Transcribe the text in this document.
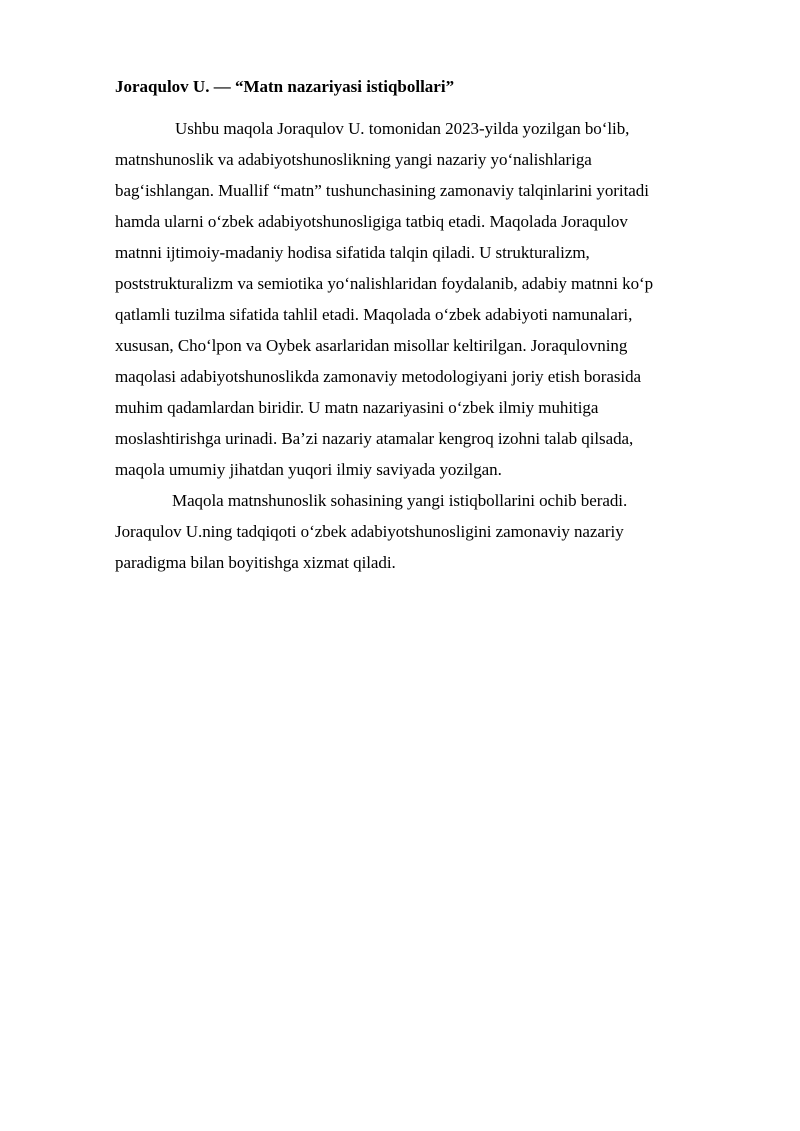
Joraqulov U. — “Matn nazariyasi istiqbollari”

Ushbu maqola Joraqulov U. tomonidan 2023-yilda yozilgan bo‘lib,
matnshunoslik va adabiyotshunoslikning yangi nazariy yo‘nalishlariga
bag‘ishlangan. Muallif “matn” tushunchasining zamonaviy talqinlarini yoritadi
hamda ularni o‘zbek adabiyotshunosligiga tatbiq etadi. Maqolada Joraqulov
matnni ijtimoiy-madaniy hodisa sifatida talqin qiladi. U strukturalizm,
poststrukturalizm va semiotika yo‘nalishlaridan foydalanib, adabiy matnni ko‘p
qatlamli tuzilma sifatida tahlil etadi. Maqolada o‘zbek adabiyoti namunalari,
xususan, Cho‘lpon va Oybek asarlaridan misollar keltirilgan. Joraqulovning
maqolasi adabiyotshunoslikda zamonaviy metodologiyani joriy etish borasida
muhim qadamlardan biridir. U matn nazariyasini o‘zbek ilmiy muhitiga
moslashtirishga urinadi. Ba’zi nazariy atamalar kengroq izohni talab qilsada,
maqola umumiy jihatdan yuqori ilmiy saviyada yozilgan.

Maqola matnshunoslik sohasining yangi istiqbollarini ochib beradi.
Joraqulov U.ning tadqiqoti o‘zbek adabiyotshunosligini zamonaviy nazariy
paradigma bilan boyitishga xizmat qiladi.
